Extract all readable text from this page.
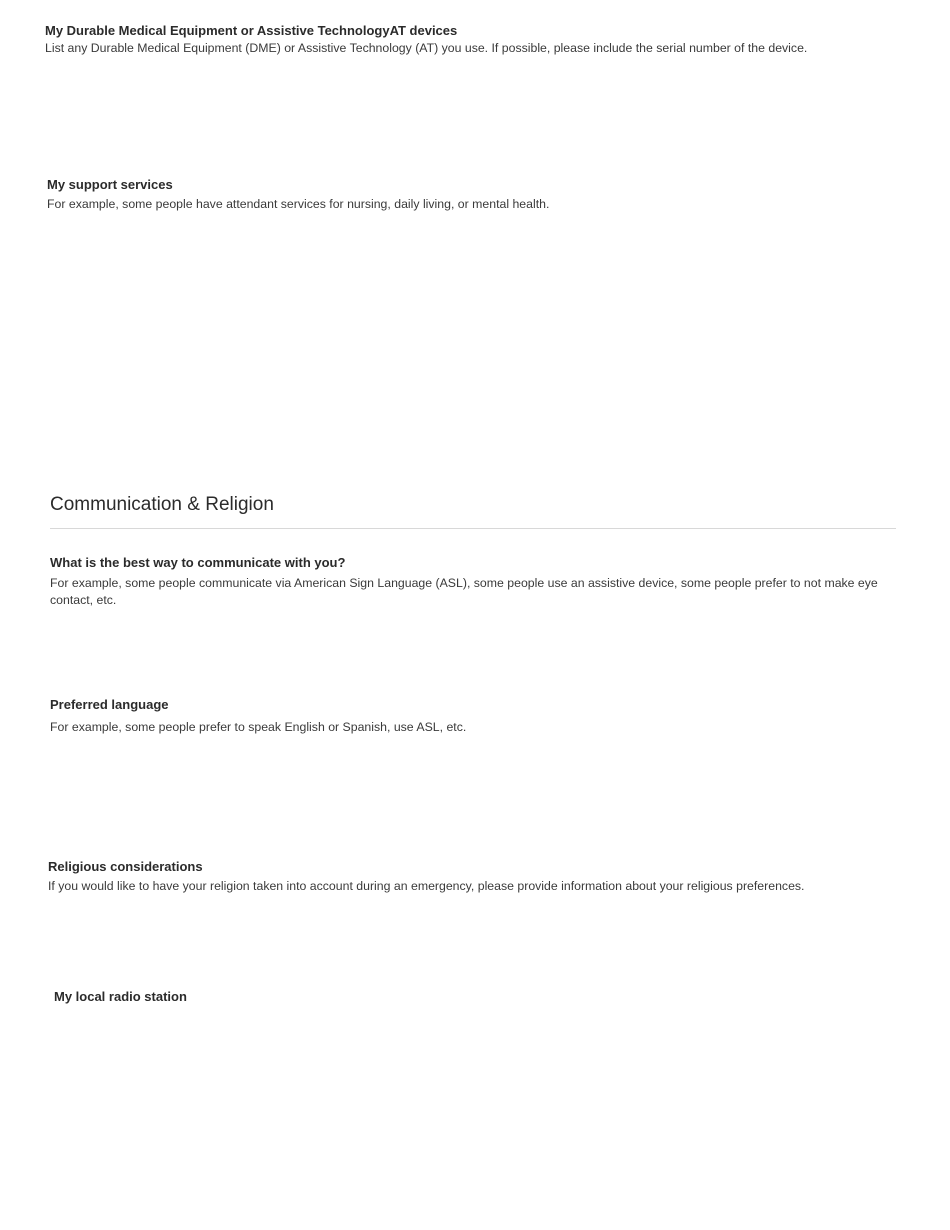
My Durable Medical Equipment or Assistive TechnologyAT devices

List any Durable Medical Equipment (DME) or Assistive Technology (AT) you use. If possible, please include the serial number of the device.

My support services

For example, some people have attendant services for nursing, daily living, or mental health.

Communication & Religion

What is the best way to communicate with you?

For example, some people communicate via American Sign Language (ASL), some people use an assistive device, some people prefer to not make eye contact, etc.

Preferred language

For example, some people prefer to speak English or Spanish, use ASL, etc.

Religious considerations

If you would like to have your religion taken into account during an emergency, please provide information about your religious preferences.

My local radio station
